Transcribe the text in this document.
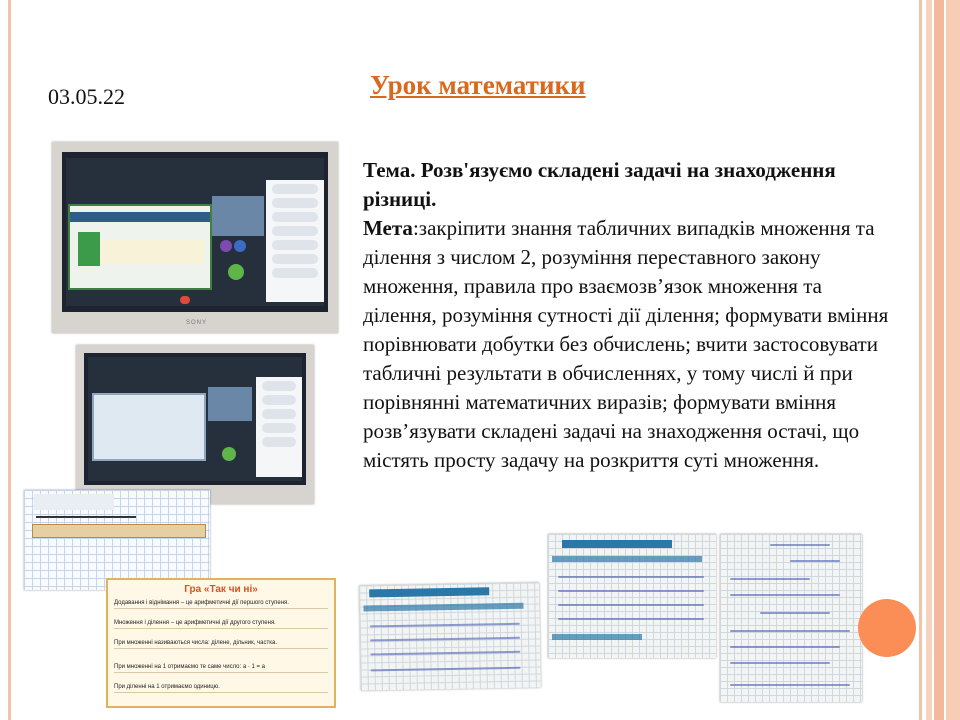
03.05.22	Урок математики
Тема. Розв'язуємо складені задачі на знаходження різниці.
Мета:закріпити знання табличних випадків множення та ділення з числом 2, розуміння переставного закону множення, правила про взаємозв’язок множення та ділення, розуміння сутності дії ділення; формувати вміння порівнювати добутки без обчислень; вчити застосовувати табличні результати в обчисленнях, у тому числі й при порівнянні математичних виразів; формувати вміння розв’язувати складені задачі на знаходження остачі, що містять просту задачу на розкриття суті множення.
SONY
Гра «Так чи ні»
Додавання і віднімання – це арифметичні дії першого ступеня.
Множення і ділення – це арифметичні дії другого ступеня.
При множенні називаються числа: ділене, дільник, частка.
При множенні на 1 отримаємо те саме число: а · 1 = а
При діленні на 1 отримаємо одиницю.
